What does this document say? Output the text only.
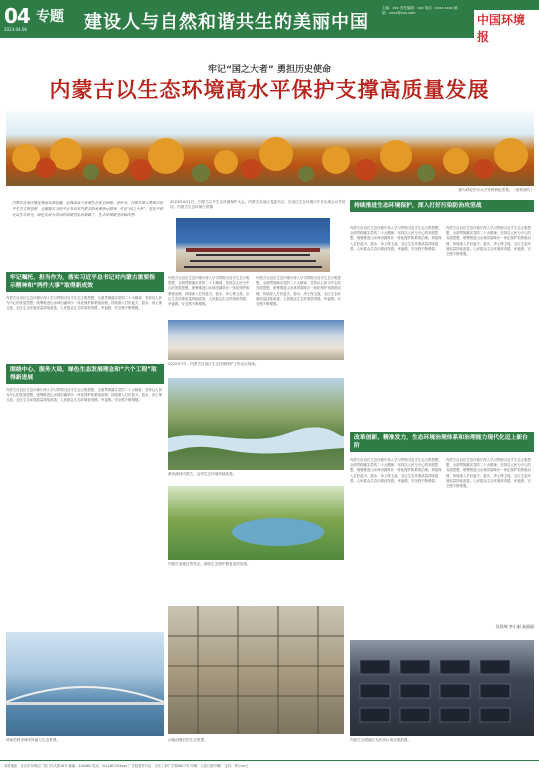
04
2023.04.06
专题 建设人与自然和谐共生的美丽中国
主编：xxx 责任编辑：xxx 电话：xxxx xxxx 邮箱：xxxx@xxx.com	中国环境报
牢记“国之大者” 勇担历史使命
内蒙古以生态环境高水平保护支撑高质量发展
图为呼伦贝尔大兴安岭秋色景观。（资料照片）
内蒙古自治区地处我国北部边疆，是我国北方重要生态安全屏障。近年来，内蒙古深入贯彻习近平生态文明思想，全面落实习近平总书记对内蒙古的重要指示精神，牢记“国之大者”，坚定不移走以生态优先、绿色发展为导向的高质量发展新路子，生态环境质量持续改善。
牢记嘱托、担当作为，落实习近平总书记对内蒙古重要指示精神和“两件大事”取得新成效
内蒙古自治区生态环境厅深入学习贯彻习近平生态文明思想，全面贯彻落实党的二十大精神，坚持以人民为中心的发展思想，统筹推进山水林田湖草沙一体化保护和系统治理，持续深入打好蓝天、碧水、净土保卫战，全区生态环境质量持续改善，人民群众生态环境获得感、幸福感、安全感不断增强。
围绕中心、服务大局，绿色生态发展理念和“六个工程”取得新进展
内蒙古自治区生态环境厅深入学习贯彻习近平生态文明思想，全面贯彻落实党的二十大精神，坚持以人民为中心的发展思想，统筹推进山水林田湖草沙一体化保护和系统治理，持续深入打好蓝天、碧水、净土保卫战，全区生态环境质量持续改善，人民群众生态环境获得感、幸福感、安全感不断增强。
2023年4月1日，内蒙古召开生态环境保护大会。内蒙古自治区党委书记、自治区生态环境厅厅长出席会议并讲话。内蒙古生态环境厅供图
内蒙古自治区生态环境厅深入学习贯彻习近平生态文明思想，全面贯彻落实党的二十大精神，坚持以人民为中心的发展思想，统筹推进山水林田湖草沙一体化保护和系统治理，持续深入打好蓝天、碧水、净土保卫战，全区生态环境质量持续改善，人民群众生态环境获得感、幸福感、安全感不断增强。
内蒙古自治区生态环境厅深入学习贯彻习近平生态文明思想，全面贯彻落实党的二十大精神，坚持以人民为中心的发展思想，统筹推进山水林田湖草沙一体化保护和系统治理，持续深入打好蓝天、碧水、净土保卫战，全区生态环境质量持续改善，人民群众生态环境获得感、幸福感、安全感不断增强。
2022年7月，内蒙古自治区生态环境保护工作会议现场。
黄河流经内蒙古，沿岸生态环境持续改善。
持续推进生态环境保护，深入打好污染防治攻坚战
内蒙古自治区生态环境厅深入学习贯彻习近平生态文明思想，全面贯彻落实党的二十大精神，坚持以人民为中心的发展思想，统筹推进山水林田湖草沙一体化保护和系统治理，持续深入打好蓝天、碧水、净土保卫战，全区生态环境质量持续改善，人民群众生态环境获得感、幸福感、安全感不断增强。
内蒙古自治区生态环境厅深入学习贯彻习近平生态文明思想，全面贯彻落实党的二十大精神，坚持以人民为中心的发展思想，统筹推进山水林田湖草沙一体化保护和系统治理，持续深入打好蓝天、碧水、净土保卫战，全区生态环境质量持续改善，人民群众生态环境获得感、幸福感、安全感不断增强。
改革创新、精准发力，生态环境治理体系和治理能力现代化迈上新台阶
内蒙古自治区生态环境厅深入学习贯彻习近平生态文明思想，全面贯彻落实党的二十大精神，坚持以人民为中心的发展思想，统筹推进山水林田湖草沙一体化保护和系统治理，持续深入打好蓝天、碧水、净土保卫战，全区生态环境质量持续改善，人民群众生态环境获得感、幸福感、安全感不断增强。
内蒙古自治区生态环境厅深入学习贯彻习近平生态文明思想，全面贯彻落实党的二十大精神，坚持以人民为中心的发展思想，统筹推进山水林田湖草沙一体化保护和系统治理，持续深入打好蓝天、碧水、净土保卫战，全区生态环境质量持续改善，人民群众生态环境获得感、幸福感、安全感不断增强。
吴尚坤 李小刚 高丽丽
内蒙古某地自然风光，湖泊生态保护修复成效显著。
呼和浩特市城市风貌与生态景观。	沙地治理后的生态景观。	内蒙古沙漠地区光伏治沙项目航拍图。
本报地址：北京市东城区广渠门内大街16号 邮编：100062 电话：(010)67194xxx 广告经营许可证：京东工商广字第0017号 印刷：人民日报印刷厂 定价：每月xx元
